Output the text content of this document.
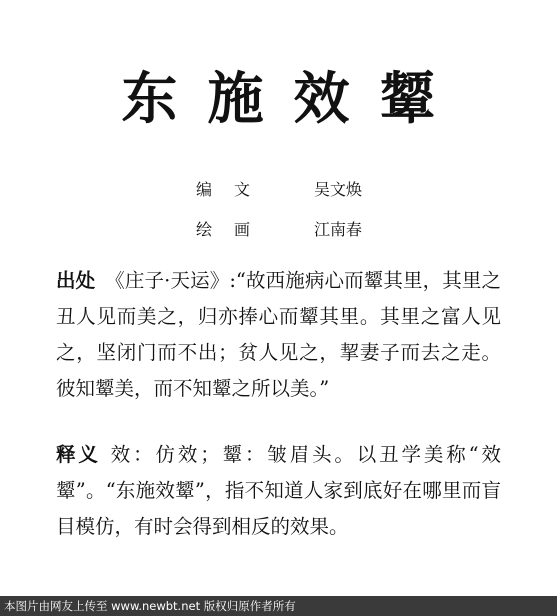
东施效颦
编文	吴文焕
绘画	江南春

出处 《庄子·天运》:“故西施病心而颦其里，其里之丑人见而美之，归亦捧心而颦其里。其里之富人见之，坚闭门而不出；贫人见之，挈妻子而去之走。彼知颦美，而不知颦之所以美。”

释义 效：仿效；颦：皱眉头。以丑学美称“效颦”。“东施效颦”，指不知道人家到底好在哪里而盲目模仿，有时会得到相反的效果。

本图片由网友上传至 www.newbt.net 版权归原作者所有
